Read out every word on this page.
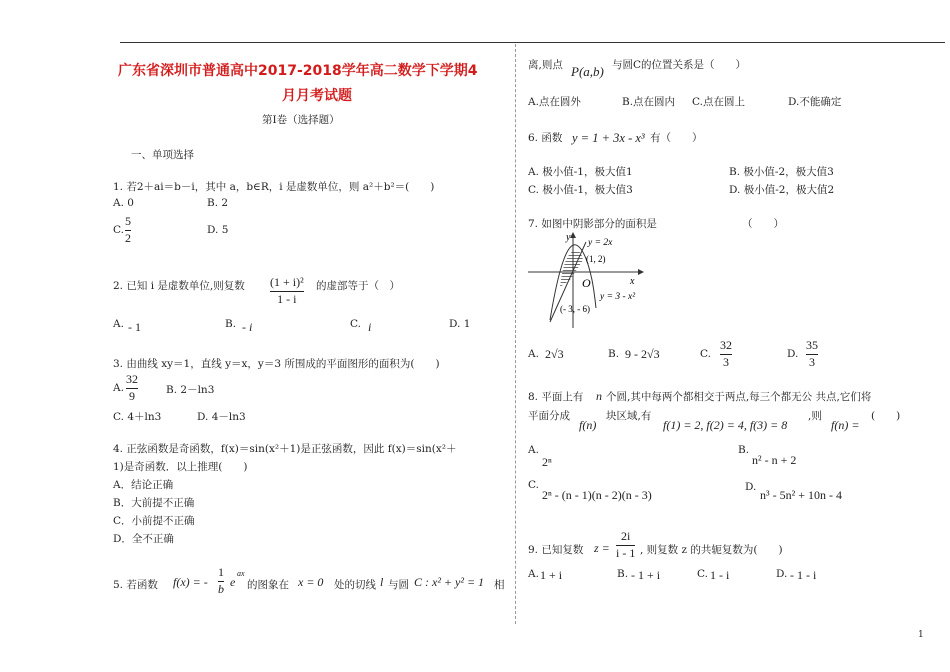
广东省深圳市普通高中2017-2018学年高二数学下学期4
月月考试题
第Ⅰ卷（选择题）
一、单项选择
1. 若2＋ai＝b－i，其中 a，b∈R，i 是虚数单位，则 a²＋b²＝(　　)
A. 0	B. 2
C.
5
2
D. 5
2. 已知 i 是虚数单位,则复数 (1 + i)²
1 - i
的虚部等于（　）
A. - 1	B. - i	C. i	D. 1
3. 由曲线 xy＝1，直线 y＝x，y＝3 所围成的平面图形的面积为(　　)
A.
32
9	B. 2－ln3
C. 4＋ln3	D. 4－ln3
4. 正弦函数是奇函数，f(x)＝sin(x²＋1)是正弦函数，因此 f(x)＝sin(x²＋
1)是奇函数．以上推理(　　)
A．结论正确
B．大前提不正确
C．小前提不正确
D．全不正确
5. 若函数 f(x) = -
1
b e
ax
的图象在 x = 0 处的切线 l 与圆 C : x² + y² = 1 相
离,则点 P(a,b) 与圆C的位置关系是（　　）
A.点在圆外	B.点在圆内 C.点在圆上	D.不能确定
6. 函数 y = 1 + 3x - x³ 有（　　）
A. 极小值-1，极大值1	B. 极小值-2，极大值3
C. 极小值-1，极大值3	D. 极小值-2，极大值2
7. 如图中阴影部分的面积是	（　　）
y
x
O
y = 2x
(1, 2)
y = 3 - x²
(- 3, - 6)
A. 2√3	B. 9 - 2√3	C.
32
3
D.
35
3
8. 平面上有 n 个圆,其中每两个都相交于两点,每三个都无公 共点,它们将
平面分成
f(n)
块区域,有
f(1) = 2, f(2) = 4, f(3) = 8
,则
f(n) =
(　　)
A.
2ⁿ
B.
n² - n + 2
C.
2ⁿ - (n - 1)(n - 2)(n - 3)
D.
n³ - 5n² + 10n - 4
9. 已知复数 z =
2i
i - 1 , 则复数 z 的共轭复数为(　　)
A. 1 + i	B. - 1 + i	C. 1 - i	D. - 1 - i
1
